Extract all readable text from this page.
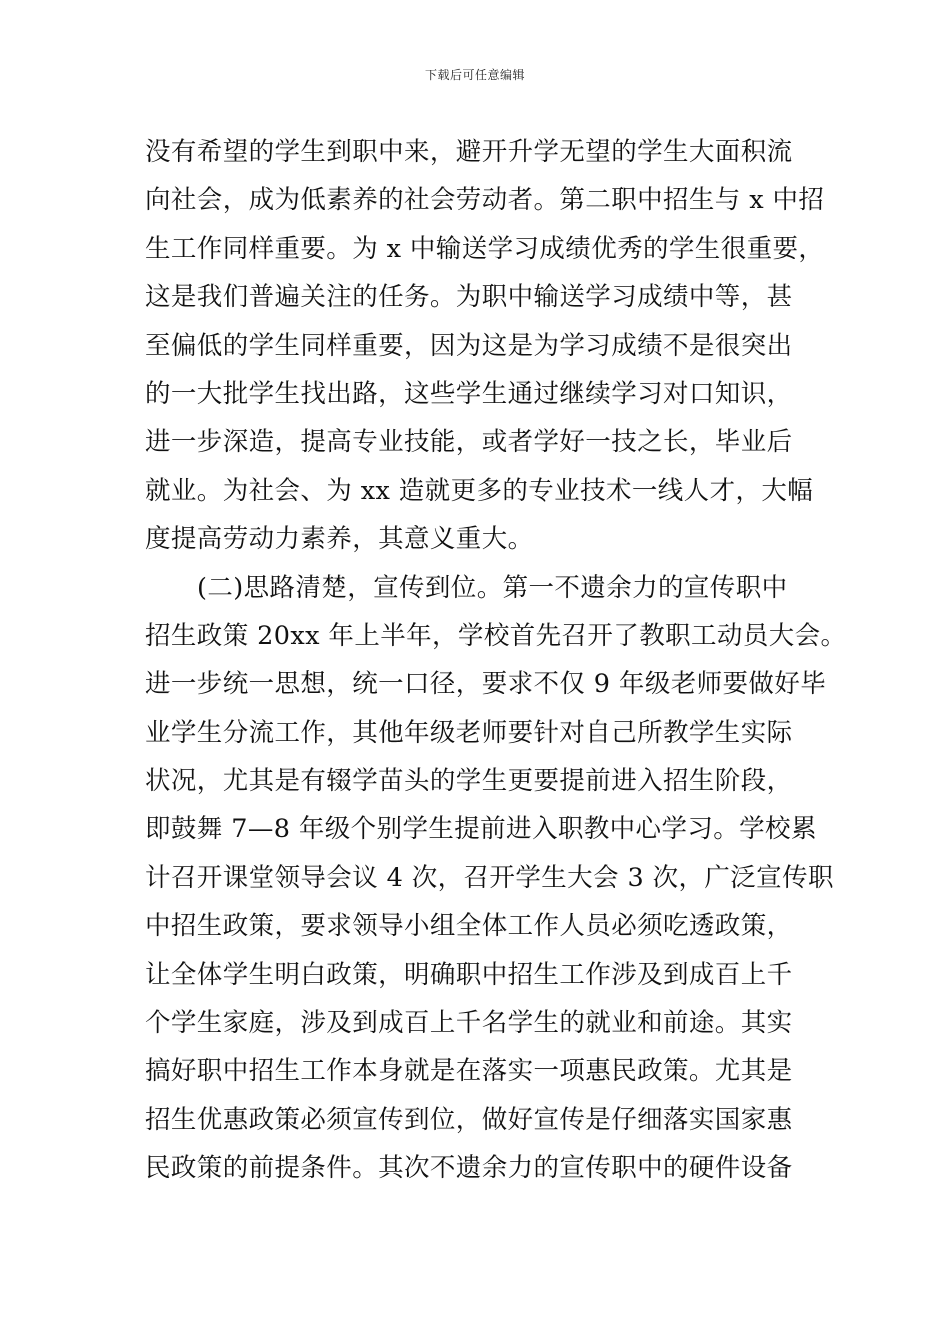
下载后可任意编辑
没有希望的学生到职中来，避开升学无望的学生大面积流
向社会，成为低素养的社会劳动者。第二职中招生与 x 中招
生工作同样重要。为 x 中输送学习成绩优秀的学生很重要，
这是我们普遍关注的任务。为职中输送学习成绩中等，甚
至偏低的学生同样重要，因为这是为学习成绩不是很突出
的一大批学生找出路，这些学生通过继续学习对口知识，
进一步深造，提高专业技能，或者学好一技之长，毕业后
就业。为社会、为 xx 造就更多的专业技术一线人才，大幅
度提高劳动力素养，其意义重大。
(二)思路清楚，宣传到位。第一不遗余力的宣传职中
招生政策 20xx 年上半年，学校首先召开了教职工动员大会。
进一步统一思想，统一口径，要求不仅 9 年级老师要做好毕
业学生分流工作，其他年级老师要针对自己所教学生实际
状况，尤其是有辍学苗头的学生更要提前进入招生阶段，
即鼓舞 7—8 年级个别学生提前进入职教中心学习。学校累
计召开课堂领导会议 4 次，召开学生大会 3 次，广泛宣传职
中招生政策，要求领导小组全体工作人员必须吃透政策，
让全体学生明白政策，明确职中招生工作涉及到成百上千
个学生家庭，涉及到成百上千名学生的就业和前途。其实
搞好职中招生工作本身就是在落实一项惠民政策。尤其是
招生优惠政策必须宣传到位，做好宣传是仔细落实国家惠
民政策的前提条件。其次不遗余力的宣传职中的硬件设备
